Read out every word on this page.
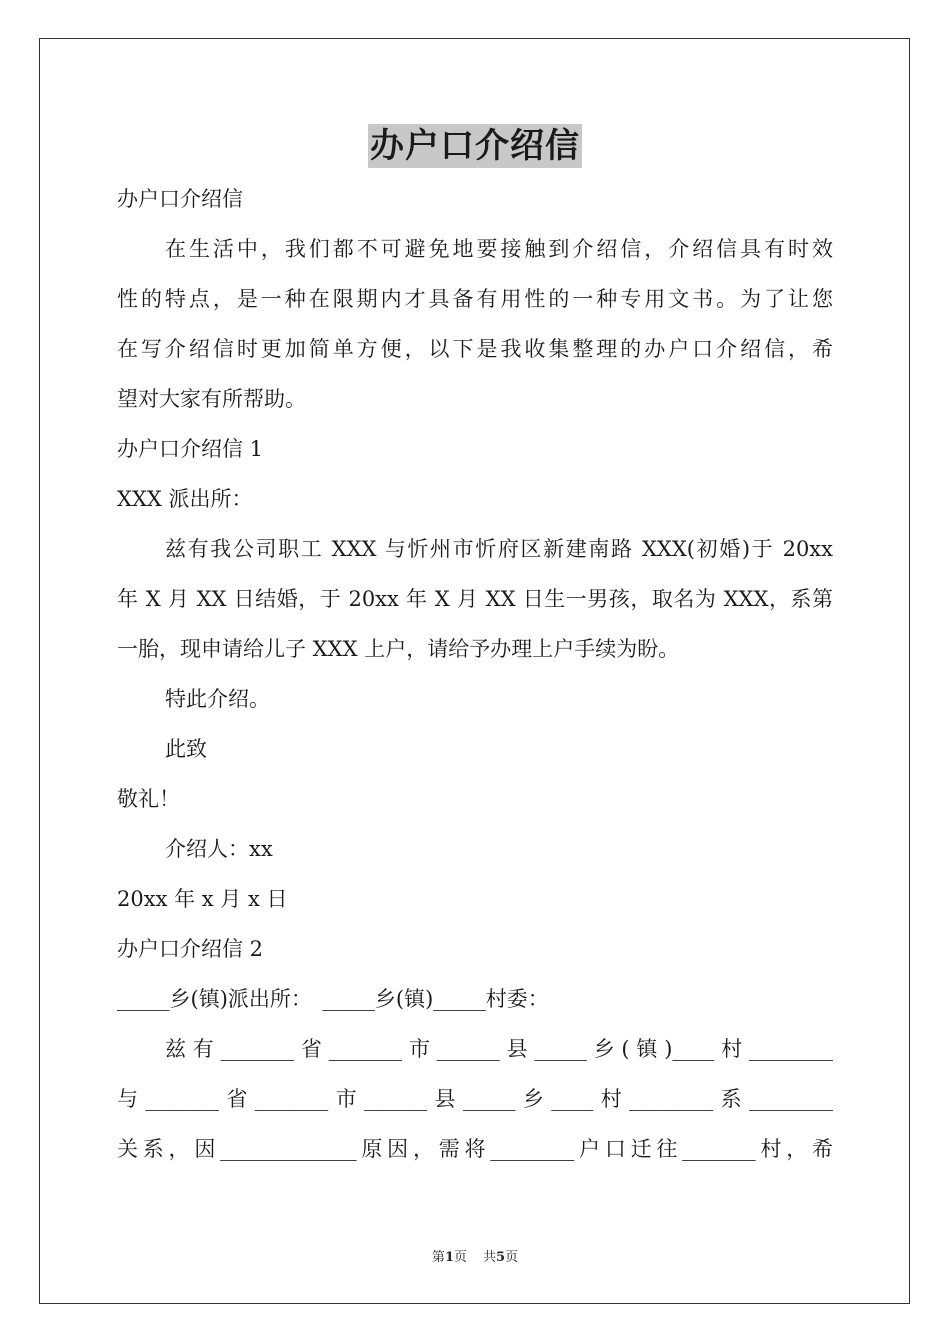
办户口介绍信
办户口介绍信
在生活中，我们都不可避免地要接触到介绍信，介绍信具有时效
性的特点，是一种在限期内才具备有用性的一种专用文书。为了让您
在写介绍信时更加简单方便，以下是我收集整理的办户口介绍信，希
望对大家有所帮助。
办户口介绍信 1
XXX 派出所：
兹有我公司职工 XXX 与忻州市忻府区新建南路 XXX(初婚)于 20xx
年 X 月 XX 日结婚，于 20xx 年 X 月 XX 日生一男孩，取名为 XXX，系第
一胎，现申请给儿子 XXX 上户，请给予办理上户手续为盼。
特此介绍。
此致
敬礼！
介绍人：xx
20xx 年 x 月 x 日
办户口介绍信 2
_____乡(镇)派出所：　_____乡(镇)_____村委：
兹有_______省_______市______县_____乡(镇)____村________
与_______省_______市______县_____乡____村________系________
关系，因_____________原因，需将________户口迁往_______村，希
第1页 共5页
